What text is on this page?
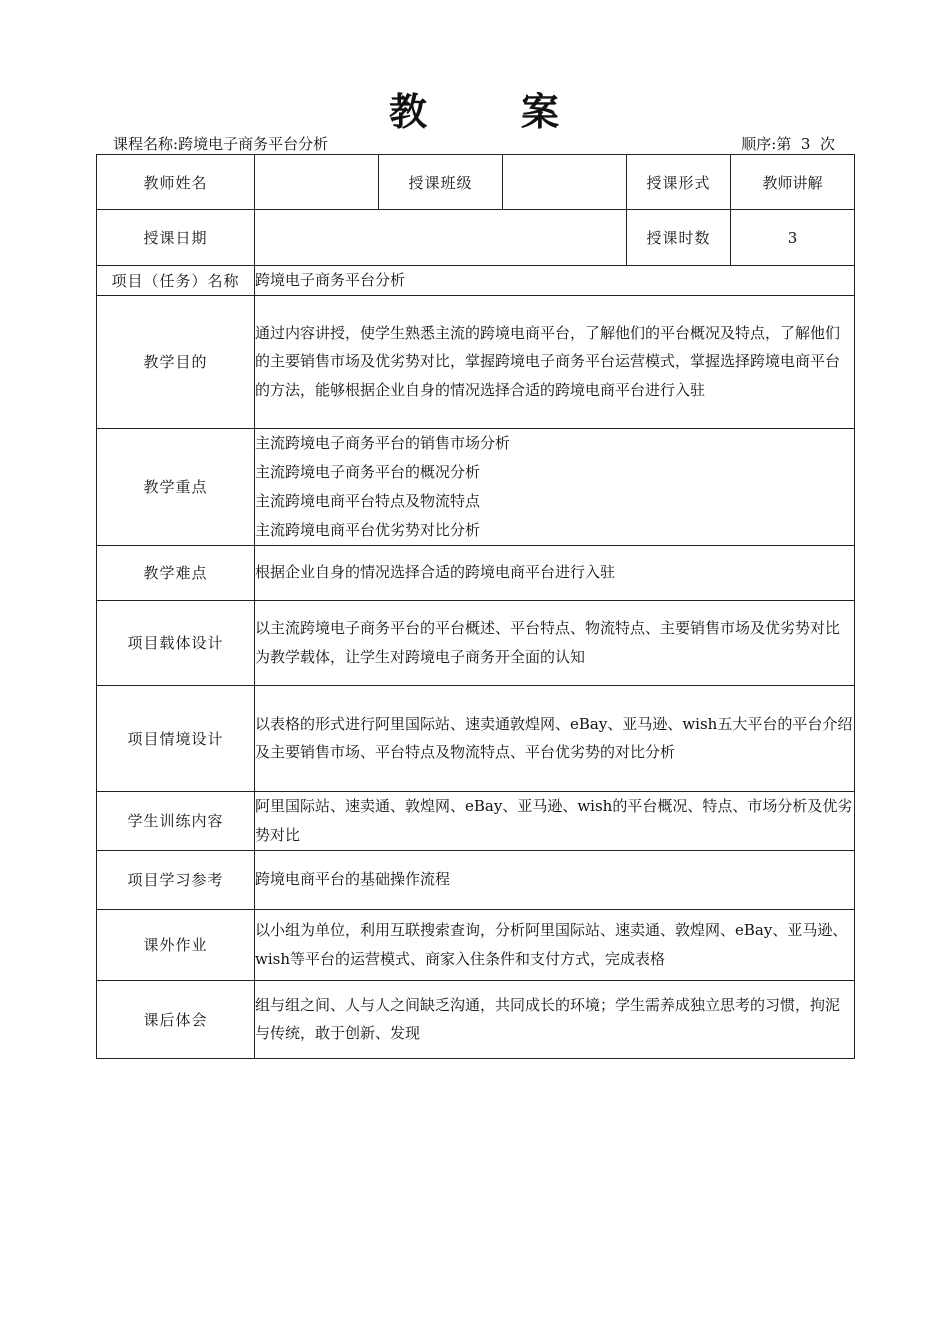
教 案
课程名称:跨境电子商务平台分析	顺序:第 3 次
教师姓名		授课班级		授课形式	教师讲解
授课日期				授课时数	3
项目（任务）名称	跨境电子商务平台分析				
教学目的	通过内容讲授，使学生熟悉主流的跨境电商平台，了解他们的平台概况及特点，了解他们的主要销售市场及优劣势对比，掌握跨境电子商务平台运营模式，掌握选择跨境电商平台的方法，能够根据企业自身的情况选择合适的跨境电商平台进行入驻				
教学重点	主流跨境电子商务平台的销售市场分析
主流跨境电子商务平台的概况分析
主流跨境电商平台特点及物流特点
主流跨境电商平台优劣势对比分析				

教学难点	根据企业自身的情况选择合适的跨境电商平台进行入驻				
项目载体设计	以主流跨境电子商务平台的平台概述、平台特点、物流特点、主要销售市场及优劣势对比为教学载体，让学生对跨境电子商务开全面的认知				
项目情境设计	以表格的形式进行阿里国际站、速卖通敦煌网、eBay、亚马逊、wish五大平台的平台介绍及主要销售市场、平台特点及物流特点、平台优劣势的对比分析				
学生训练内容	阿里国际站、速卖通、敦煌网、eBay、亚马逊、wish的平台概况、特点、市场分析及优劣势对比				
项目学习参考	跨境电商平台的基础操作流程				
课外作业	以小组为单位，利用互联搜索查询，分析阿里国际站、速卖通、敦煌网、eBay、亚马逊、wish等平台的运营模式、商家入住条件和支付方式，完成表格				
课后体会	组与组之间、人与人之间缺乏沟通，共同成长的环境；学生需养成独立思考的习惯，拘泥与传统，敢于创新、发现				
